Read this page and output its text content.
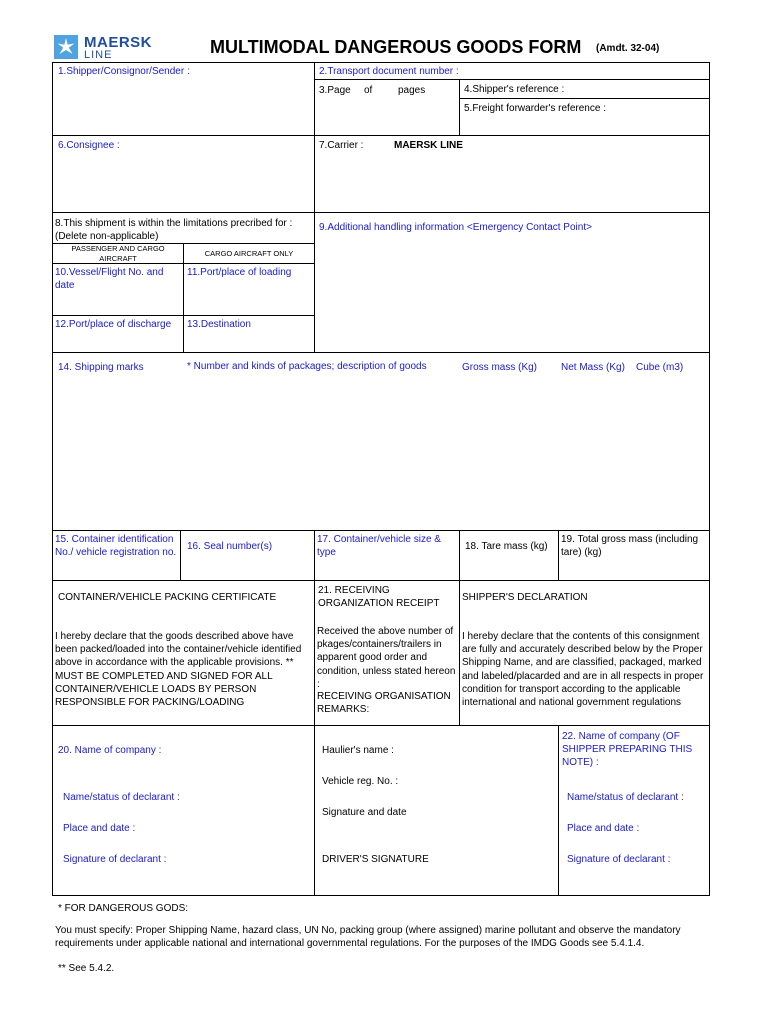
MAERSK
LINE	MULTIMODAL DANGEROUS GOODS FORM (Amdt. 32-04)
1.Shipper/Consignor/Sender :	2.Transport document number :
3.Page of	pages	4.Shipper's reference :
5.Freight forwarder's reference :
6.Consignee :	7.Carrier :	MAERSK LINE
8.This shipment is within the limitations precribed for : (Delete non-applicable)
PASSENGER AND CARGO AIRCRAFT
CARGO AIRCRAFT ONLY
9.Additional handling information <Emergency Contact Point>
10.Vessel/Flight No. and date
11.Port/place of loading
12.Port/place of discharge 13.Destination
14. Shipping marks	* Number and kinds of packages; description of goods	Gross mass (Kg) Net Mass (Kg) Cube (m3)
15. Container identification No./ vehicle registration no.
16. Seal number(s)
17. Container/vehicle size & type
18. Tare mass (kg)
19. Total gross mass (including tare) (kg)
CONTAINER/VEHICLE PACKING CERTIFICATE
I hereby declare that the goods described above have been packed/loaded into the container/vehicle identified above in accordance with the applicable provisions. ** MUST BE COMPLETED AND SIGNED FOR ALL CONTAINER/VEHICLE LOADS BY PERSON RESPONSIBLE FOR PACKING/LOADING
21. RECEIVING ORGANIZATION RECEIPT
Received the above number of pkages/containers/trailers in apparent good order and condition, unless stated hereon :
RECEIVING ORGANISATION REMARKS:
SHIPPER'S DECLARATION
I hereby declare that the contents of this consignment are fully and accurately described below by the Proper Shipping Name, and are classified, packaged, marked and labeled/placarded and are in all respects in proper condition for transport according to the applicable international and national government regulations
20. Name of company :
22. Name of company (OF SHIPPER PREPARING THIS NOTE) :
Haulier's name :
Vehicle reg. No. :
Signature and date
DRIVER'S SIGNATURE
Name/status of declarant :
Place and date :
Signature of declarant :
Name/status of declarant :
Place and date :
Signature of declarant :
* FOR DANGEROUS GODS:
You must specify: Proper Shipping Name, hazard class, UN No, packing group (where assigned) marine pollutant and observe the mandatory requirements under applicable national and international governmental regulations. For the purposes of the IMDG Goods see 5.4.1.4.
** See 5.4.2.
